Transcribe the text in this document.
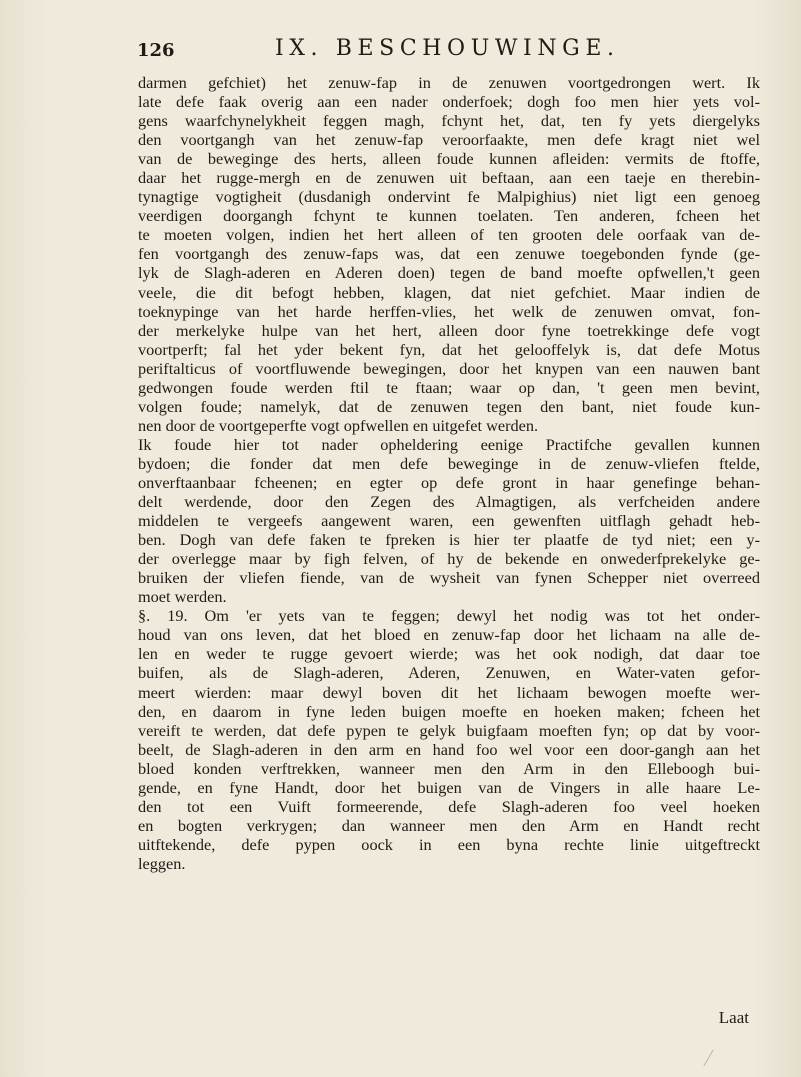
126	IX. BESCHOUWINGE.
darmen gefchiet) het zenuw-fap in de zenuwen voortgedrongen wert. Ik
late defe faak overig aan een nader onderfoek; dogh foo men hier yets vol-
gens waarfchynelykheit feggen magh, fchynt het, dat, ten fy yets diergelyks
den voortgangh van het zenuw-fap veroorfaakte, men defe kragt niet wel
van de beweginge des herts, alleen foude kunnen afleiden: vermits de ftoffe,
daar het rugge-mergh en de zenuwen uit beftaan, aan een taeje en therebin-
tynagtige vogtigheit (dusdanigh ondervint fe Malpighius) niet ligt een genoeg
veerdigen doorgangh fchynt te kunnen toelaten. Ten anderen, fcheen het
te moeten volgen, indien het hert alleen of ten grooten dele oorfaak van de-
fen voortgangh des zenuw-faps was, dat een zenuwe toegebonden fynde (ge-
lyk de Slagh-aderen en Aderen doen) tegen de band moefte opfwellen,'t geen
veele, die dit befogt hebben, klagen, dat niet gefchiet. Maar indien de
toeknypinge van het harde herffen-vlies, het welk de zenuwen omvat, fon-
der merkelyke hulpe van het hert, alleen door fyne toetrekkinge defe vogt
voortperft; fal het yder bekent fyn, dat het gelooffelyk is, dat defe Motus
periftalticus of voortfluwende bewegingen, door het knypen van een nauwen bant
gedwongen foude werden ftil te ftaan; waar op dan, 't geen men bevint,
volgen foude; namelyk, dat de zenuwen tegen den bant, niet foude kun-
nen door de voortgeperfte vogt opfwellen en uitgefet werden.
Ik foude hier tot nader opheldering eenige Practifche gevallen kunnen
bydoen; die fonder dat men defe beweginge in de zenuw-vliefen ftelde,
onverftaanbaar fcheenen; en egter op defe gront in haar genefinge behan-
delt werdende, door den Zegen des Almagtigen, als verfcheiden andere
middelen te vergeefs aangewent waren, een gewenften uitflagh gehadt heb-
ben. Dogh van defe faken te fpreken is hier ter plaatfe de tyd niet; een y-
der overlegge maar by figh felven, of hy de bekende en onwederfprekelyke ge-
bruiken der vliefen fiende, van de wysheit van fynen Schepper niet overreed
moet werden.
§. 19. Om 'er yets van te feggen; dewyl het nodig was tot het onder-
houd van ons leven, dat het bloed en zenuw-fap door het lichaam na alle de-
len en weder te rugge gevoert wierde; was het ook nodigh, dat daar toe
buifen, als de Slagh-aderen, Aderen, Zenuwen, en Water-vaten gefor-
meert wierden: maar dewyl boven dit het lichaam bewogen moefte wer-
den, en daarom in fyne leden buigen moefte en hoeken maken; fcheen het
vereift te werden, dat defe pypen te gelyk buigfaam moeften fyn; op dat by voor-
beelt, de Slagh-aderen in den arm en hand foo wel voor een door-gangh aan het
bloed konden verftrekken, wanneer men den Arm in den Elleboogh bui-
gende, en fyne Handt, door het buigen van de Vingers in alle haare Le-
den tot een Vuift formeerende, defe Slagh-aderen foo veel hoeken
en bogten verkrygen; dan wanneer men den Arm en Handt recht
uitftekende, defe pypen oock in een byna rechte linie uitgeftreckt
leggen.
Laat
